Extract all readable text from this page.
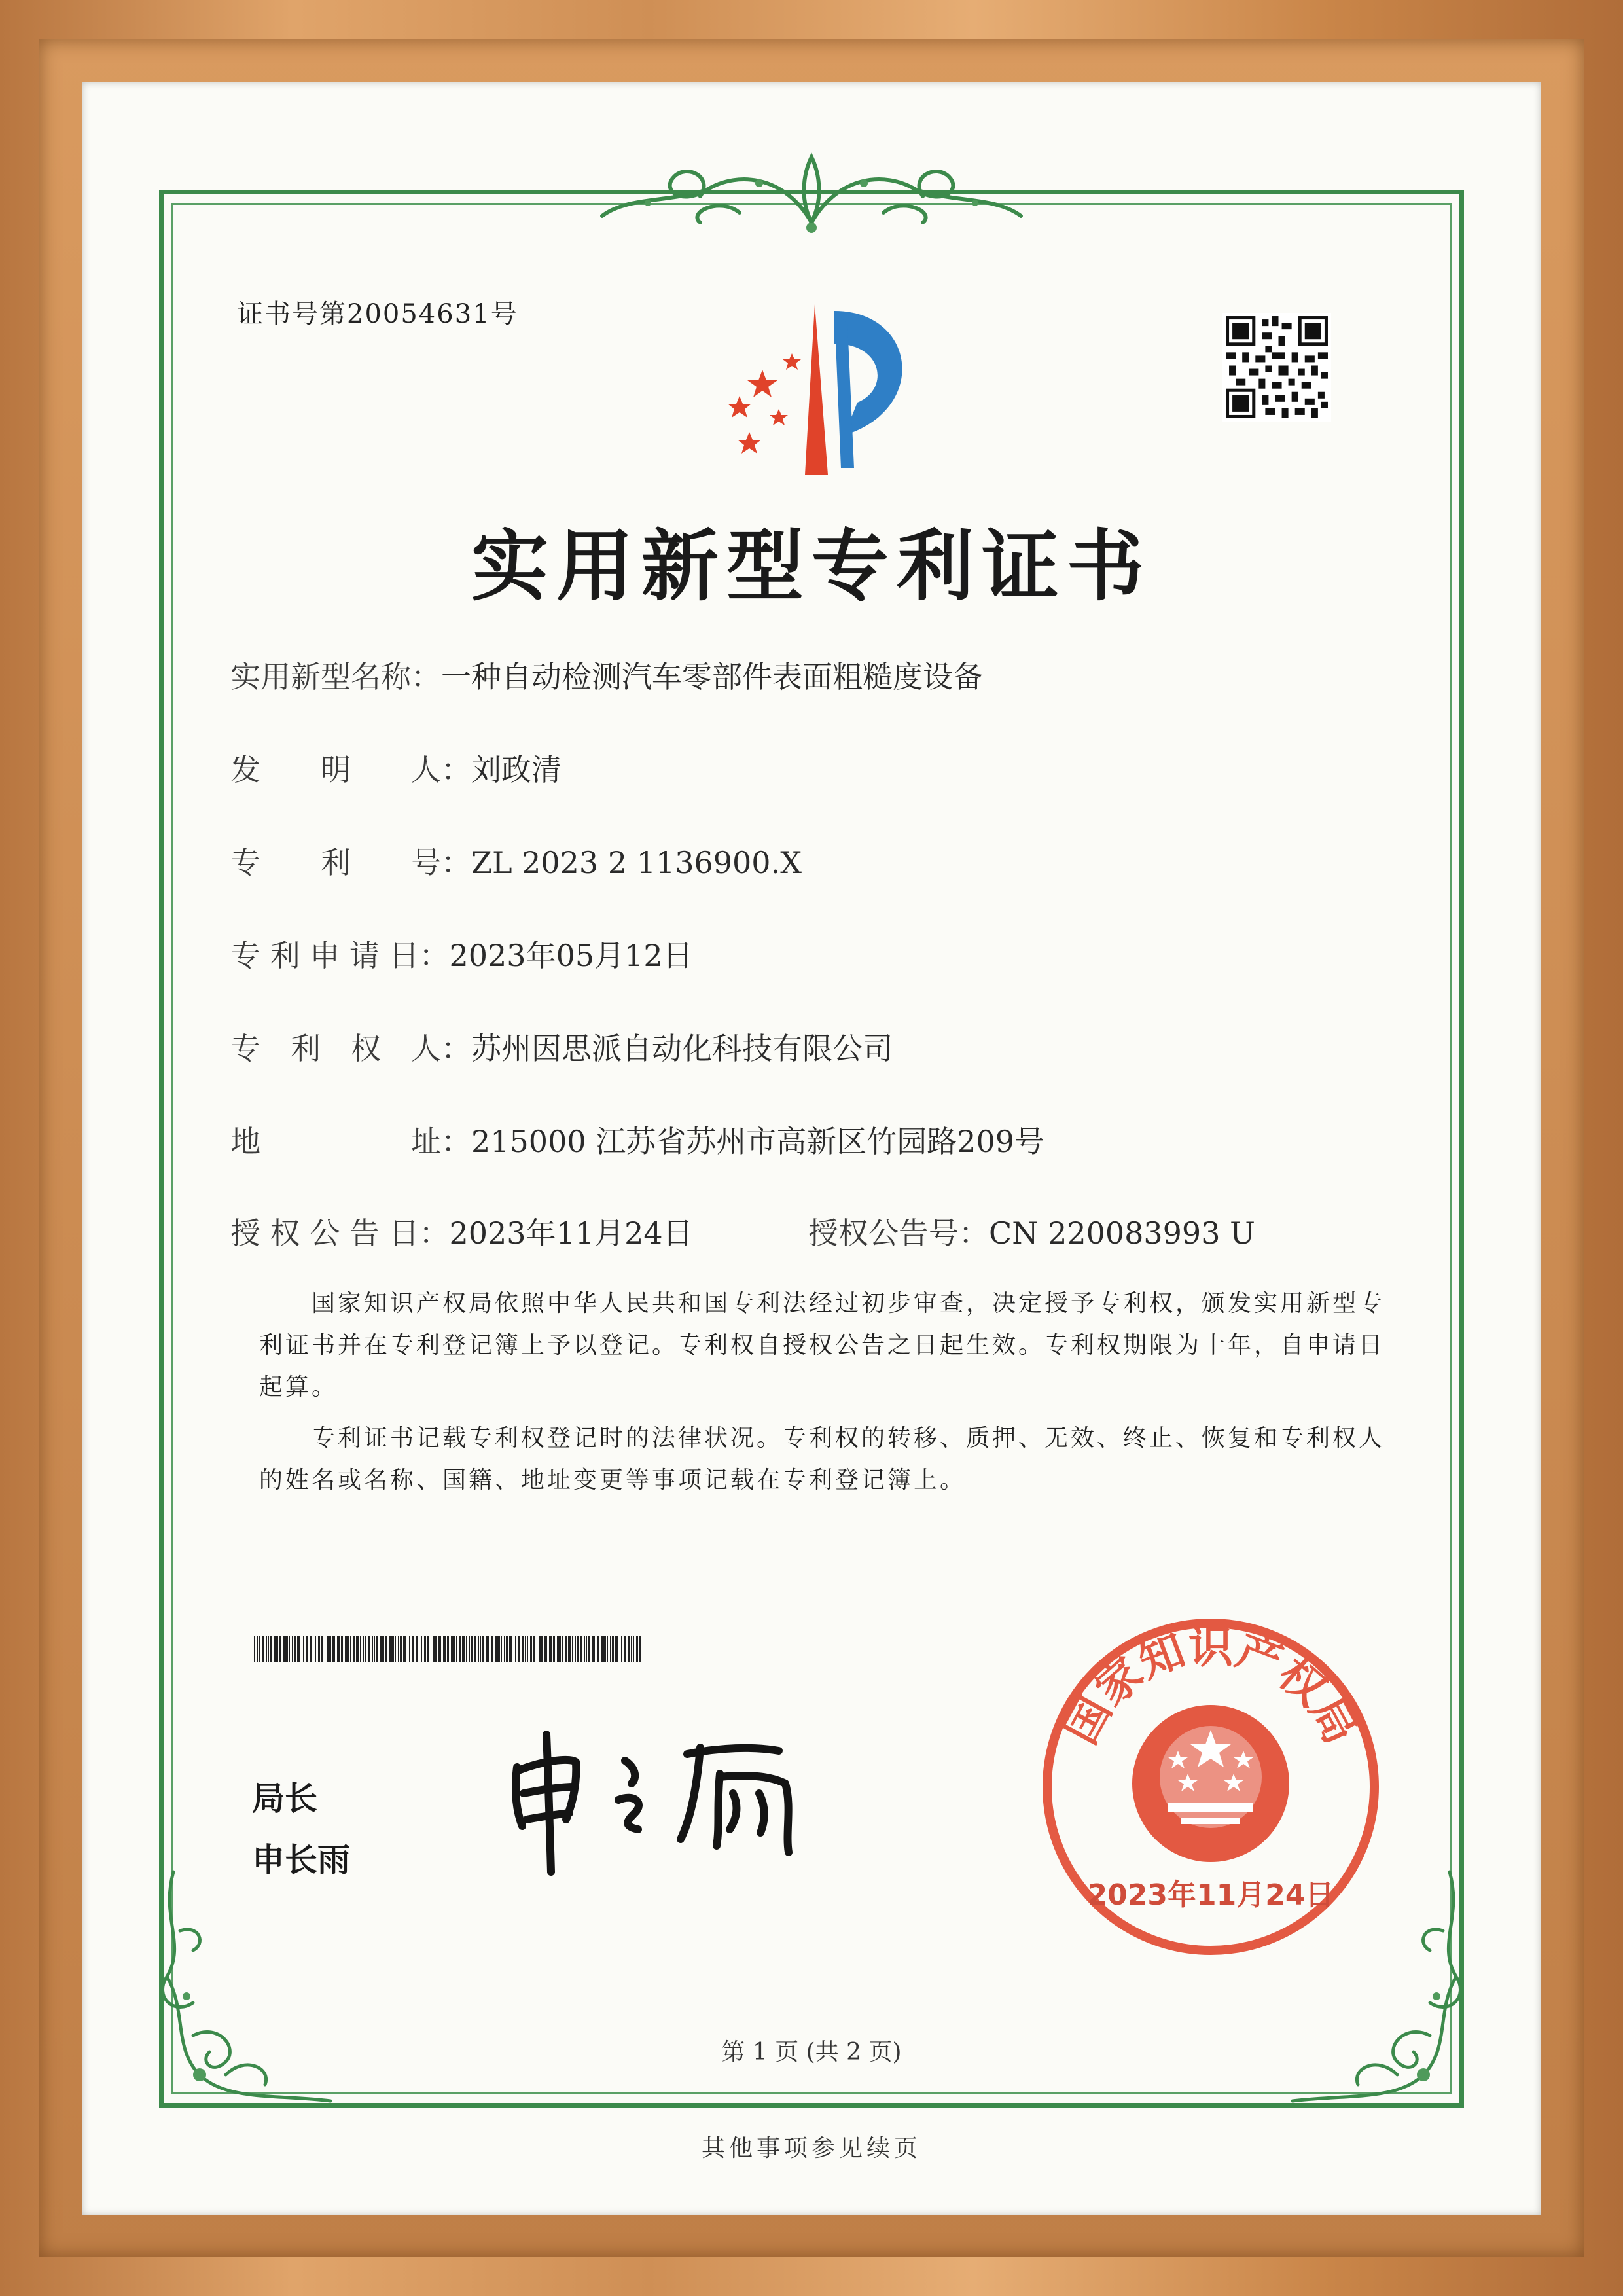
证书号第20054631号
实用新型专利证书
实用新型名称：一种自动检测汽车零部件表面粗糙度设备
发　　明　　人：刘政清
专　　利　　号：ZL 2023 2 1136900.X
专 利 申 请 日：2023年05月12日
专　利　权　人：苏州因思派自动化科技有限公司
地　　　　　址：215000 江苏省苏州市高新区竹园路209号
授 权 公 告 日：2023年11月24日	授权公告号：CN 220083993 U
国家知识产权局依照中华人民共和国专利法经过初步审查，决定授予专利权，颁发实用新型专利证书并在专利登记簿上予以登记。专利权自授权公告之日起生效。专利权期限为十年，自申请日起算。
专利证书记载专利权登记时的法律状况。专利权的转移、质押、无效、终止、恢复和专利权人的姓名或名称、国籍、地址变更等事项记载在专利登记簿上。
局长
申长雨
国家知识产权局
2023年11月24日
第 1 页 (共 2 页)
其他事项参见续页
